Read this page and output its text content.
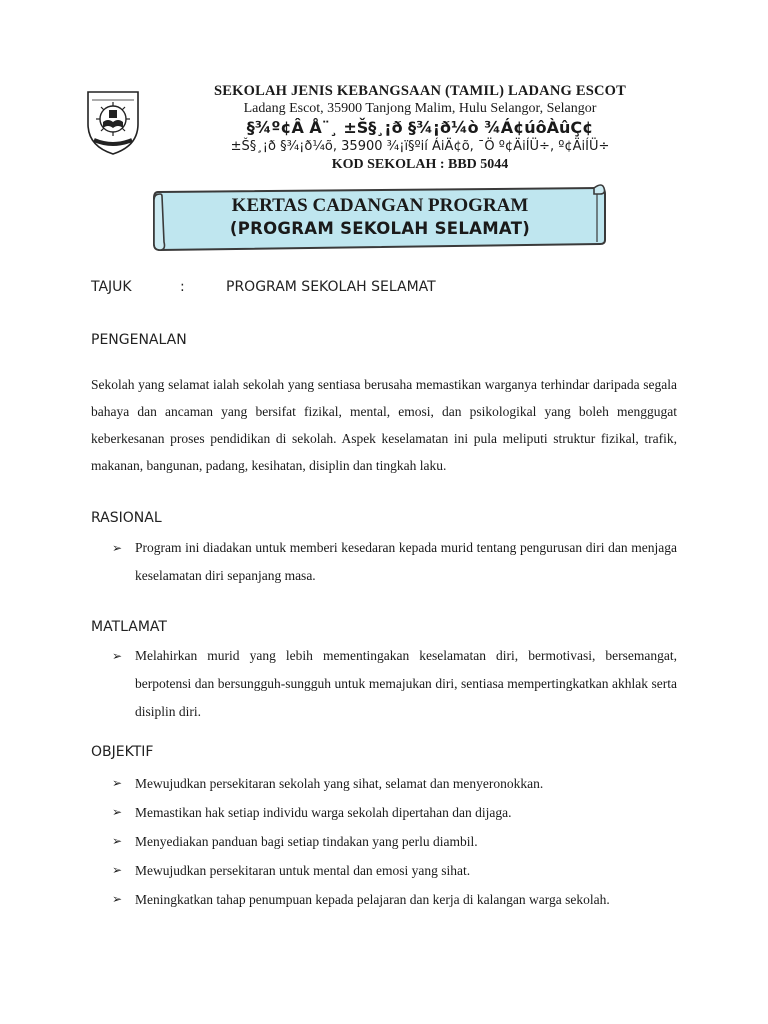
SEKOLAH JENIS KEBANGSAAN (TAMIL) LADANG ESCOT
Ladang Escot, 35900 Tanjong Malim, Hulu Selangor, Selangor
§¾º¢Â Å¨¸ ±Š§¸¡ð §¾¡ð¼ò ¾Á¢úôÀûÇ¢
±Š§¸¡ð §¾¡ð¼õ, 35900 ¾¡ï§ºií ÁiÄ¢õ, ¯Ö º¢ÄiÍÜ÷, º¢ÄiÍÜ÷
KOD SEKOLAH : BBD 5044
KERTAS CADANGAN PROGRAM
(PROGRAM SEKOLAH SELAMAT)
TAJUK	:	PROGRAM SEKOLAH SELAMAT
PENGENALAN

Sekolah yang selamat ialah sekolah yang sentiasa berusaha memastikan warganya terhindar daripada segala bahaya dan ancaman yang bersifat fizikal, mental, emosi, dan psikologikal yang boleh menggugat keberkesanan proses pendidikan di sekolah. Aspek keselamatan ini pula meliputi struktur fizikal, trafik, makanan, bangunan, padang, kesihatan, disiplin dan tingkah laku.

RASIONAL
➢ Program ini diadakan untuk memberi kesedaran kepada murid tentang pengurusan diri dan menjaga keselamatan diri sepanjang masa.
MATLAMAT
➢ Melahirkan murid yang lebih mementingakan keselamatan diri, bermotivasi, bersemangat, berpotensi dan bersungguh-sungguh untuk memajukan diri, sentiasa mempertingkatkan akhlak serta disiplin diri.
OBJEKTIF
➢ Mewujudkan persekitaran sekolah yang sihat, selamat dan menyeronokkan.
➢ Memastikan hak setiap individu warga sekolah dipertahan dan dijaga.
➢ Menyediakan panduan bagi setiap tindakan yang perlu diambil.
➢ Mewujudkan persekitaran untuk mental dan emosi yang sihat.
➢ Meningkatkan tahap penumpuan kepada pelajaran dan kerja di kalangan warga sekolah.
